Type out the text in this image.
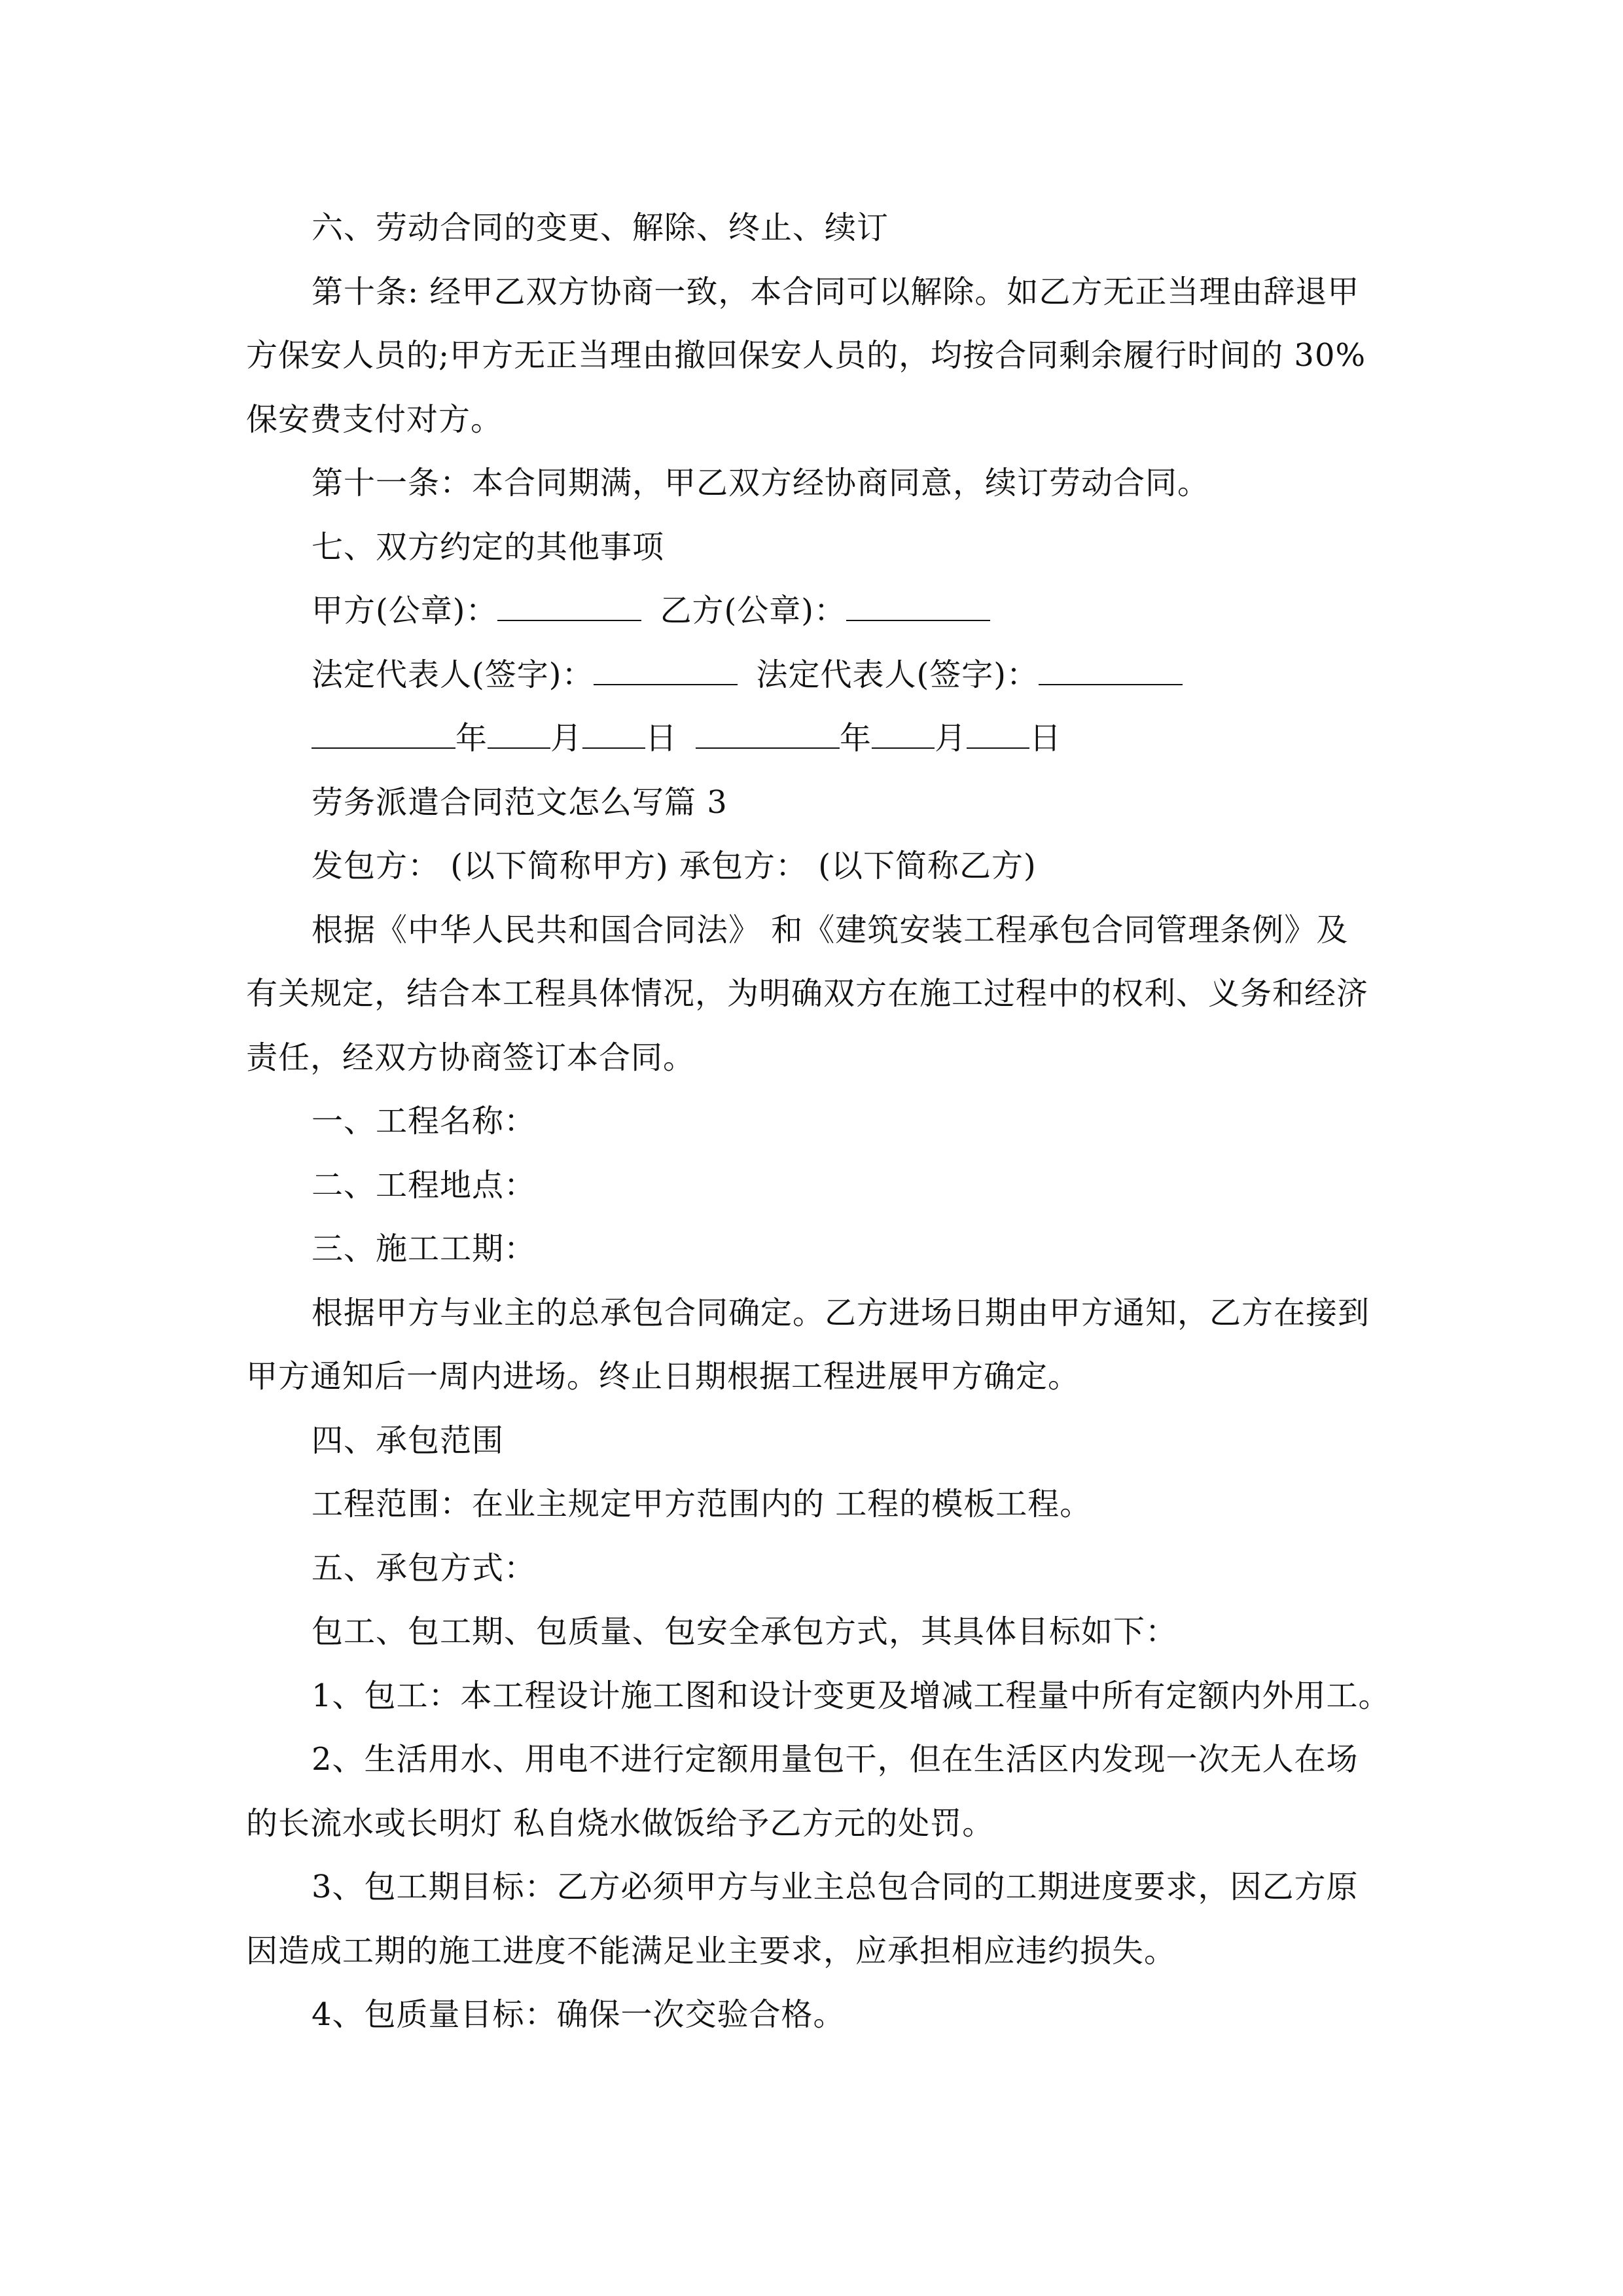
六、劳动合同的变更、解除、终止、续订
第十条: 经甲乙双方协商一致，本合同可以解除。如乙方无正当理由辞退甲
方保安人员的;甲方无正当理由撤回保安人员的，均按合同剩余履行时间的 30%
保安费支付对方。
第十一条：本合同期满，甲乙双方经协商同意，续订劳动合同。
七、双方约定的其他事项
甲方(公章)：	乙方(公章)：
法定代表人(签字)：	法定代表人(签字)：
年 月 日	年 月 日
劳务派遣合同范文怎么写篇 3
发包方： (以下简称甲方) 承包方： (以下简称乙方)
根据《中华人民共和国合同法》 和《建筑安装工程承包合同管理条例》及
有关规定，结合本工程具体情况，为明确双方在施工过程中的权利、义务和经济
责任，经双方协商签订本合同。
一、工程名称：
二、工程地点：
三、施工工期：
根据甲方与业主的总承包合同确定。乙方进场日期由甲方通知，乙方在接到
甲方通知后一周内进场。终止日期根据工程进展甲方确定。
四、承包范围
工程范围：在业主规定甲方范围内的 工程的模板工程。
五、承包方式：
包工、包工期、包质量、包安全承包方式，其具体目标如下：
1、包工：本工程设计施工图和设计变更及增减工程量中所有定额内外用工。
2、生活用水、用电不进行定额用量包干，但在生活区内发现一次无人在场
的长流水或长明灯 私自烧水做饭给予乙方元的处罚。
3、包工期目标：乙方必须甲方与业主总包合同的工期进度要求，因乙方原
因造成工期的施工进度不能满足业主要求，应承担相应违约损失。
4、包质量目标：确保一次交验合格。
